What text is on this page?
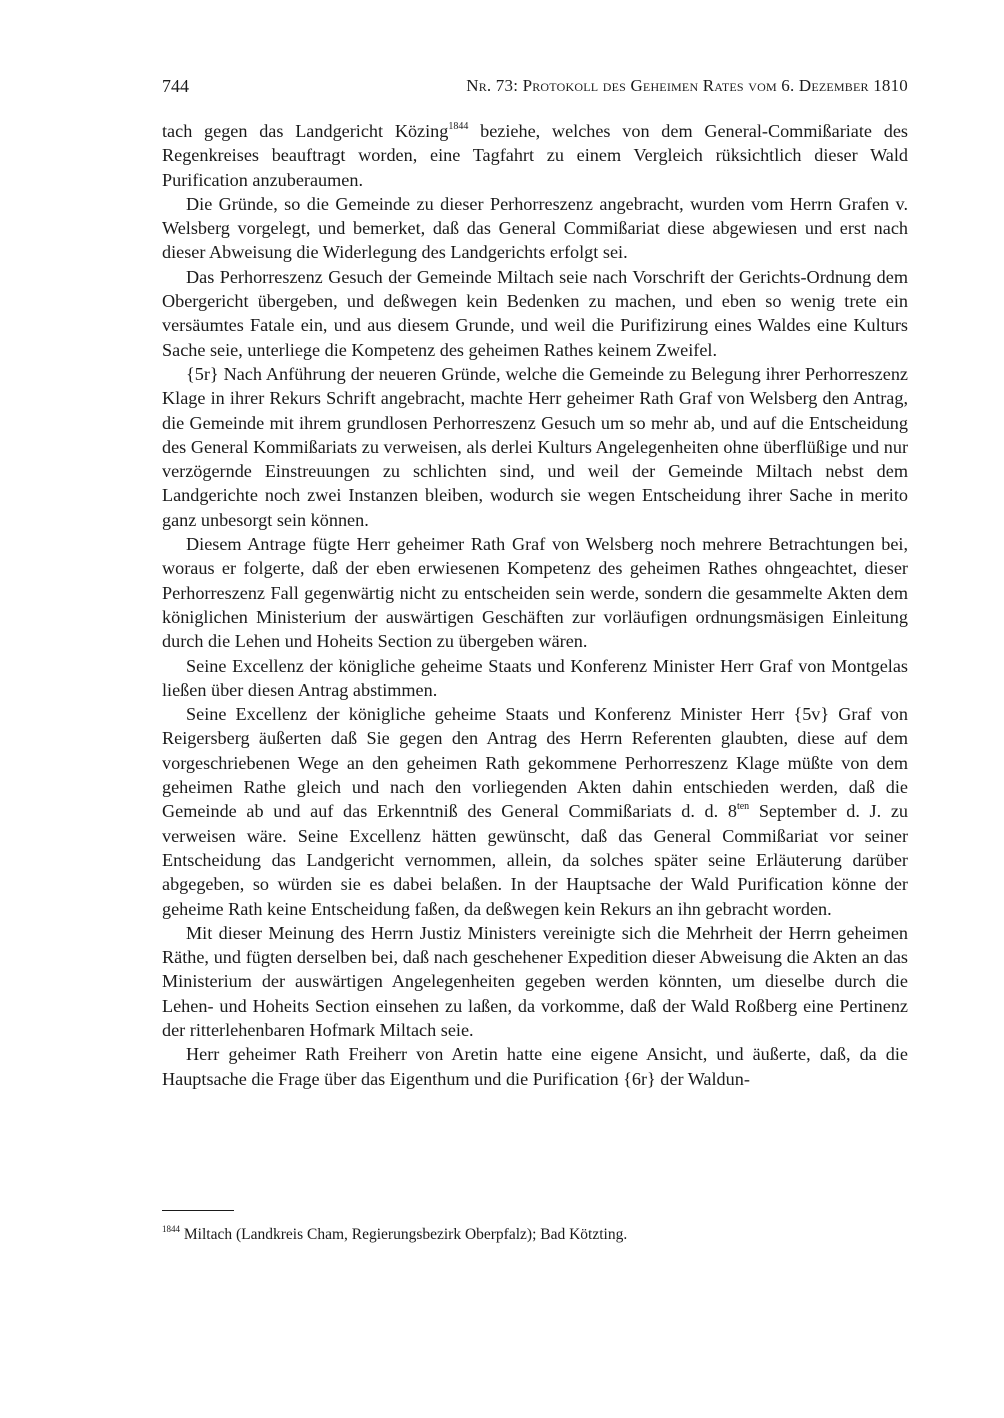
744	Nr. 73: Protokoll des Geheimen Rates vom 6. Dezember 1810

tach gegen das Landgericht Közing$^{1844}$ beziehe, welches von dem General-Commißariate des Regenkreises beauftragt worden, eine Tagfahrt zu einem Vergleich rüksichtlich dieser Wald Purification anzuberaumen.

Die Gründe, so die Gemeinde zu dieser Perhorreszenz angebracht, wurden vom Herrn Grafen v. Welsberg vorgelegt, und bemerket, daß das General Commißariat diese abgewiesen und erst nach dieser Abweisung die Widerlegung des Landgerichts erfolgt sei.

Das Perhorreszenz Gesuch der Gemeinde Miltach seie nach Vorschrift der Gerichts-Ordnung dem Obergericht übergeben, und deßwegen kein Bedenken zu machen, und eben so wenig trete ein versäumtes Fatale ein, und aus diesem Grunde, und weil die Purifizirung eines Waldes eine Kulturs Sache seie, unterliege die Kompetenz des geheimen Rathes keinem Zweifel.

{5r} Nach Anführung der neueren Gründe, welche die Gemeinde zu Belegung ihrer Perhorreszenz Klage in ihrer Rekurs Schrift angebracht, machte Herr geheimer Rath Graf von Welsberg den Antrag, die Gemeinde mit ihrem grundlosen Perhorreszenz Gesuch um so mehr ab, und auf die Entscheidung des General Kommißariats zu verweisen, als derlei Kulturs Angelegenheiten ohne überflüßige und nur verzögernde Einstreuungen zu schlichten sind, und weil der Gemeinde Miltach nebst dem Landgerichte noch zwei Instanzen bleiben, wodurch sie wegen Entscheidung ihrer Sache in merito ganz unbesorgt sein können.

Diesem Antrage fügte Herr geheimer Rath Graf von Welsberg noch mehrere Betrachtungen bei, woraus er folgerte, daß der eben erwiesenen Kompetenz des geheimen Rathes ohngeachtet, dieser Perhorreszenz Fall gegenwärtig nicht zu entscheiden sein werde, sondern die gesammelte Akten dem königlichen Ministerium der auswärtigen Geschäften zur vorläufigen ordnungsmäsigen Einleitung durch die Lehen und Hoheits Section zu übergeben wären.

Seine Excellenz der königliche geheime Staats und Konferenz Minister Herr Graf von Montgelas ließen über diesen Antrag abstimmen.

Seine Excellenz der königliche geheime Staats und Konferenz Minister Herr {5v} Graf von Reigersberg äußerten daß Sie gegen den Antrag des Herrn Referenten glaubten, diese auf dem vorgeschriebenen Wege an den geheimen Rath gekommene Perhorreszenz Klage müßte von dem geheimen Rathe gleich und nach den vorliegenden Akten dahin entschieden werden, daß die Gemeinde ab und auf das Erkenntniß des General Commißariats d. d. $8^{ten}$ September d. J. zu verweisen wäre. Seine Excellenz hätten gewünscht, daß das General Commißariat vor seiner Entscheidung das Landgericht vernommen, allein, da solches später seine Erläuterung darüber abgegeben, so würden sie es dabei belaßen. In der Hauptsache der Wald Purification könne der geheime Rath keine Entscheidung faßen, da deßwegen kein Rekurs an ihn gebracht worden.

Mit dieser Meinung des Herrn Justiz Ministers vereinigte sich die Mehrheit der Herrn geheimen Räthe, und fügten derselben bei, daß nach geschehener Expedition dieser Abweisung die Akten an das Ministerium der auswärtigen Angelegenheiten gegeben werden könnten, um dieselbe durch die Lehen- und Hoheits Section einsehen zu laßen, da vorkomme, daß der Wald Roßberg eine Pertinenz der ritterlehenbaren Hofmark Miltach seie.

Herr geheimer Rath Freiherr von Aretin hatte eine eigene Ansicht, und äußerte, daß, da die Hauptsache die Frage über das Eigenthum und die Purification {6r} der Waldun-

$^{1844}$ Miltach (Landkreis Cham, Regierungsbezirk Oberpfalz); Bad Kötzting.
